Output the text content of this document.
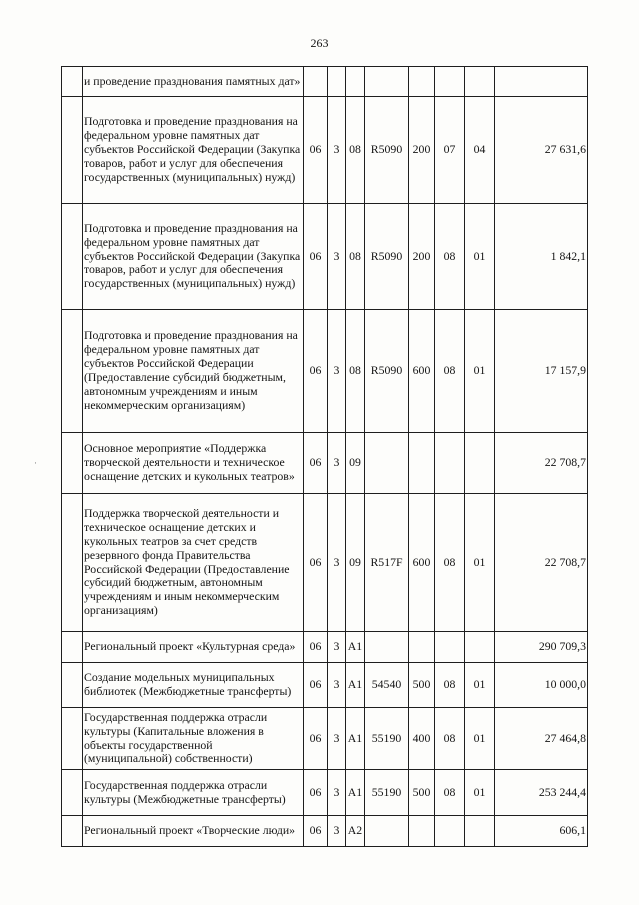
263
	и проведение празднования памятных дат»								
	Подготовка и проведение празднования на федеральном уровне памятных дат субъектов Российской Федерации (Закупка товаров, работ и услуг для обеспечения государственных (муниципальных) нужд)	06	3	08	R5090	200	07	04	27 631,6
	Подготовка и проведение празднования на федеральном уровне памятных дат субъектов Российской Федерации (Закупка товаров, работ и услуг для обеспечения государственных (муниципальных) нужд)	06	3	08	R5090	200	08	01	1 842,1
	Подготовка и проведение празднования на федеральном уровне памятных дат субъектов Российской Федерации (Предоставление субсидий бюджетным, автономным учреждениям и иным некоммерческим организациям)	06	3	08	R5090	600	08	01	17 157,9
	Основное мероприятие «Поддержка творческой деятельности и техническое оснащение детских и кукольных театров»	06	3	09					22 708,7
	Поддержка творческой деятельности и техническое оснащение детских и кукольных театров за счет средств резервного фонда Правительства Российской Федерации (Предоставление субсидий бюджетным, автономным учреждениям и иным некоммерческим организациям)	06	3	09	R517F	600	08	01	22 708,7
	Региональный проект «Культурная среда»	06	3	A1					290 709,3
	Создание модельных муниципальных библиотек (Межбюджетные трансферты)	06	3	A1	54540	500	08	01	10 000,0
	Государственная поддержка отрасли культуры (Капитальные вложения в объекты государственной (муниципальной) собственности)	06	3	A1	55190	400	08	01	27 464,8
	Государственная поддержка отрасли культуры (Межбюджетные трансферты)	06	3	A1	55190	500	08	01	253 244,4
	Региональный проект «Творческие люди»	06	3	A2					606,1
·
